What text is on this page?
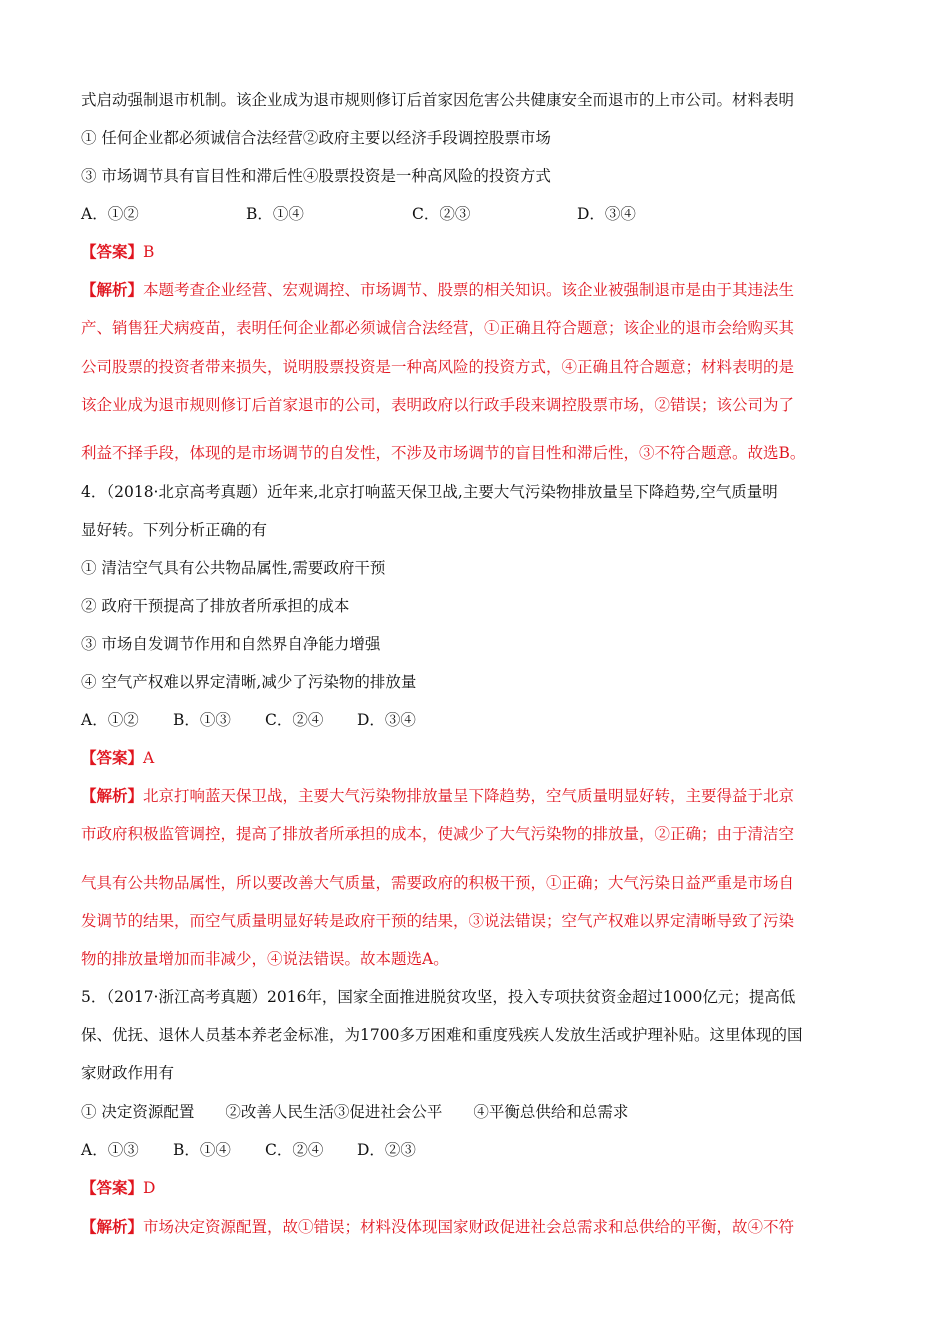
式启动强制退市机制。该企业成为退市规则修订后首家因危害公共健康安全而退市的上市公司。材料表明
① 任何企业都必须诚信合法经营②政府主要以经济手段调控股票市场
③ 市场调节具有盲目性和滞后性④股票投资是一种高风险的投资方式
A．①②	B．①④	C．②③	D．③④
【答案】B
【解析】本题考查企业经营、宏观调控、市场调节、股票的相关知识。该企业被强制退市是由于其违法生
产、销售狂犬病疫苗，表明任何企业都必须诚信合法经营，①正确且符合题意；该企业的退市会给购买其
公司股票的投资者带来损失，说明股票投资是一种高风险的投资方式，④正确且符合题意；材料表明的是
该企业成为退市规则修订后首家退市的公司，表明政府以行政手段来调控股票市场，②错误；该公司为了
利益不择手段，体现的是市场调节的自发性，不涉及市场调节的盲目性和滞后性，③不符合题意。故选B。
4．（2018·北京高考真题）近年来,北京打响蓝天保卫战,主要大气污染物排放量呈下降趋势,空气质量明
显好转。下列分析正确的有
① 清洁空气具有公共物品属性,需要政府干预
② 政府干预提高了排放者所承担的成本
③ 市场自发调节作用和自然界自净能力增强
④ 空气产权难以界定清晰,减少了污染物的排放量
A．①② B．①③ C．②④ D．③④
【答案】A
【解析】北京打响蓝天保卫战，主要大气污染物排放量呈下降趋势，空气质量明显好转，主要得益于北京
市政府积极监管调控，提高了排放者所承担的成本，使减少了大气污染物的排放量，②正确；由于清洁空
气具有公共物品属性，所以要改善大气质量，需要政府的积极干预，①正确；大气污染日益严重是市场自
发调节的结果，而空气质量明显好转是政府干预的结果，③说法错误；空气产权难以界定清晰导致了污染
物的排放量增加而非减少，④说法错误。故本题选A。
5．（2017·浙江高考真题）2016年，国家全面推进脱贫攻坚，投入专项扶贫资金超过1000亿元；提高低
保、优抚、退休人员基本养老金标准，为1700多万困难和重度残疾人发放生活或护理补贴。这里体现的国
家财政作用有
① 决定资源配置　　②改善人民生活③促进社会公平　　④平衡总供给和总需求
A．①③ B．①④ C．②④ D．②③
【答案】D
【解析】市场决定资源配置，故①错误；材料没体现国家财政促进社会总需求和总供给的平衡，故④不符
